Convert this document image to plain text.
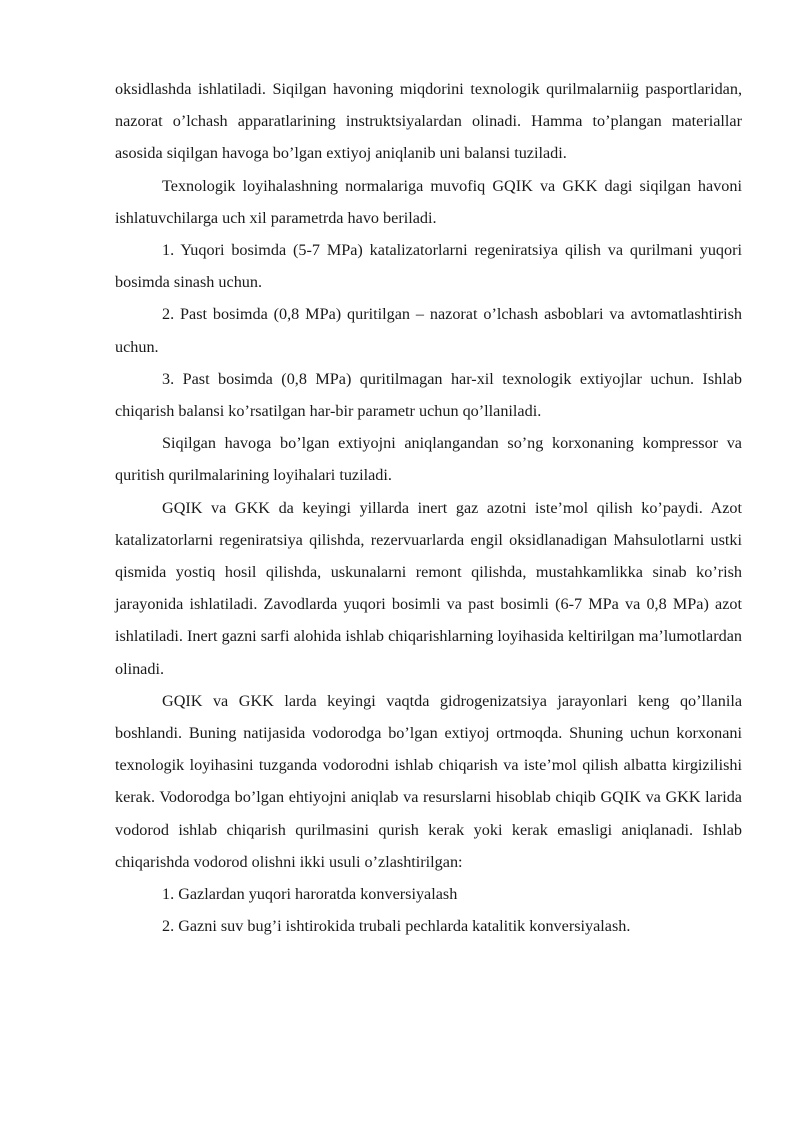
oksidlashda ishlatiladi. Siqilgan havoning miqdorini texnologik qurilmalarniig pasportlaridan, nazorat o’lchash apparatlarining instruktsiyalardan olinadi. Hamma to’plangan materiallar asosida siqilgan havoga bo’lgan extiyoj aniqlanib uni balansi tuziladi.

Texnologik loyihalashning normalariga muvofiq GQIK va GKK dagi siqilgan havoni ishlatuvchilarga uch xil parametrda havo beriladi.

1. Yuqori bosimda (5-7 MPa) katalizatorlarni regeniratsiya qilish va qurilmani yuqori bosimda sinash uchun.

2. Past bosimda (0,8 MPa) quritilgan – nazorat o’lchash asboblari va avtomatlashtirish uchun.

3. Past bosimda (0,8 MPa) quritilmagan har-xil texnologik extiyojlar uchun. Ishlab chiqarish balansi ko’rsatilgan har-bir parametr uchun qo’llaniladi.

Siqilgan havoga bo’lgan extiyojni aniqlangandan so’ng korxonaning kompressor va quritish qurilmalarining loyihalari tuziladi.

GQIK va GKK da keyingi yillarda inert gaz azotni iste’mol qilish ko’paydi. Azot katalizatorlarni regeniratsiya qilishda, rezervuarlarda engil oksidlanadigan Mahsulotlarni ustki qismida yostiq hosil qilishda, uskunalarni remont qilishda, mustahkamlikka sinab ko’rish jarayonida ishlatiladi. Zavodlarda yuqori bosimli va past bosimli (6-7 MPa va 0,8 MPa) azot ishlatiladi. Inert gazni sarfi alohida ishlab chiqarishlarning loyihasida keltirilgan ma’lumotlardan olinadi.

GQIK va GKK larda keyingi vaqtda gidrogenizatsiya jarayonlari keng qo’llanila boshlandi. Buning natijasida vodorodga bo’lgan extiyoj ortmoqda. Shuning uchun korxonani texnologik loyihasini tuzganda vodorodni ishlab chiqarish va iste’mol qilish albatta kirgizilishi kerak. Vodorodga bo’lgan ehtiyojni aniqlab va resurslarni hisoblab chiqib GQIK va GKK larida vodorod ishlab chiqarish qurilmasini qurish kerak yoki kerak emasligi aniqlanadi. Ishlab chiqarishda vodorod olishni ikki usuli o’zlashtirilgan:

1. Gazlardan yuqori haroratda konversiyalash

2. Gazni suv bug’i ishtirokida trubali pechlarda katalitik konversiyalash.
